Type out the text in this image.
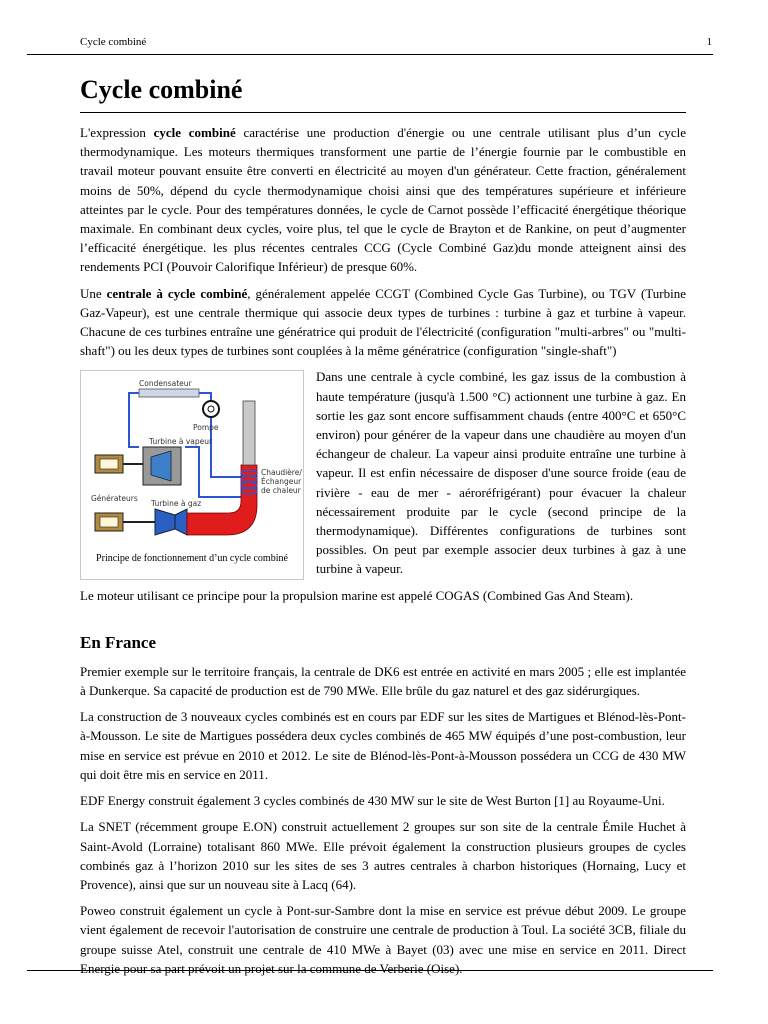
Cycle combiné	1
Cycle combiné

L'expression cycle combiné caractérise une production d'énergie ou une centrale utilisant plus d’un cycle thermodynamique. Les moteurs thermiques transforment une partie de l’énergie fournie par le combustible en travail moteur pouvant ensuite être converti en électricité au moyen d'un générateur. Cette fraction, généralement moins de 50%, dépend du cycle thermodynamique choisi ainsi que des températures supérieure et inférieure atteintes par le cycle. Pour des températures données, le cycle de Carnot possède l’efficacité énergétique théorique maximale. En combinant deux cycles, voire plus, tel que le cycle de Brayton et de Rankine, on peut d’augmenter l’efficacité énergétique. les plus récentes centrales CCG (Cycle Combiné Gaz)du monde atteignent ainsi des rendements PCI (Pouvoir Calorifique Inférieur) de presque 60%.

Une centrale à cycle combiné, généralement appelée CCGT (Combined Cycle Gas Turbine), ou TGV (Turbine Gaz-Vapeur), est une centrale thermique qui associe deux types de turbines : turbine à gaz et turbine à vapeur. Chacune de ces turbines entraîne une génératrice qui produit de l'électricité (configuration "multi-arbres" ou "multi-shaft") ou les deux types de turbines sont couplées à la même génératrice (configuration "single-shaft")

Condensateur
Pompe
Turbine à vapeur
Générateurs
Turbine à gaz
Chaudière/
Échangeur
de chaleur
Principe de fonctionnement d’un cycle combiné

Dans une centrale à cycle combiné, les gaz issus de la combustion à haute température (jusqu'à 1.500 °C) actionnent une turbine à gaz. En sortie les gaz sont encore suffisamment chauds (entre 400°C et 650°C environ) pour générer de la vapeur dans une chaudière au moyen d'un échangeur de chaleur. La vapeur ainsi produite entraîne une turbine à vapeur. Il est enfin nécessaire de disposer d'une source froide (eau de rivière - eau de mer - aéroréfrigérant) pour évacuer la chaleur nécessairement produite par le cycle (second principe de la thermodynamique). Différentes configurations de turbines sont possibles. On peut par exemple associer deux turbines à gaz à une turbine à vapeur.

Le moteur utilisant ce principe pour la propulsion marine est appelé COGAS (Combined Gas And Steam).

En France

Premier exemple sur le territoire français, la centrale de DK6 est entrée en activité en mars 2005 ; elle est implantée à Dunkerque. Sa capacité de production est de 790 MWe. Elle brûle du gaz naturel et des gaz sidérurgiques.

La construction de 3 nouveaux cycles combinés est en cours par EDF sur les sites de Martigues et Blénod-lès-Pont-à-Mousson. Le site de Martigues possédera deux cycles combinés de 465 MW équipés d’une post-combustion, leur mise en service est prévue en 2010 et 2012. Le site de Blénod-lès-Pont-à-Mousson possédera un CCG de 430 MW qui doit être mis en service en 2011.

EDF Energy construit également 3 cycles combinés de 430 MW sur le site de West Burton [1] au Royaume-Uni.

La SNET (récemment groupe E.ON) construit actuellement 2 groupes sur son site de la centrale Émile Huchet à Saint-Avold (Lorraine) totalisant 860 MWe. Elle prévoit également la construction plusieurs groupes de cycles combinés gaz à l’horizon 2010 sur les sites de ses 3 autres centrales à charbon historiques (Hornaing, Lucy et Provence), ainsi que sur un nouveau site à Lacq (64).

Poweo construit également un cycle à Pont-sur-Sambre dont la mise en service est prévue début 2009. Le groupe vient également de recevoir l'autorisation de construire une centrale de production à Toul. La société 3CB, filiale du groupe suisse Atel, construit une centrale de 410 MWe à Bayet (03) avec une mise en service en 2011. Direct Energie pour sa part prévoit un projet sur la commune de Verberie (Oise).
